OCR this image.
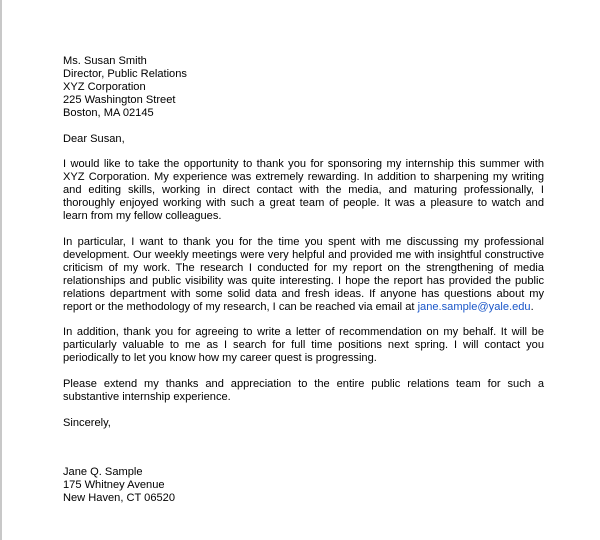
Ms. Susan Smith
Director, Public Relations
XYZ Corporation
225 Washington Street
Boston, MA 02145
Dear Susan,

I would like to take the opportunity to thank you for sponsoring my internship this summer with XYZ Corporation. My experience was extremely rewarding. In addition to sharpening my writing and editing skills, working in direct contact with the media, and maturing professionally, I thoroughly enjoyed working with such a great team of people. It was a pleasure to watch and learn from my fellow colleagues.

In particular, I want to thank you for the time you spent with me discussing my professional development. Our weekly meetings were very helpful and provided me with insightful constructive criticism of my work. The research I conducted for my report on the strengthening of media relationships and public visibility was quite interesting. I hope the report has provided the public relations department with some solid data and fresh ideas. If anyone has questions about my report or the methodology of my research, I can be reached via email at jane.sample@yale.edu.

In addition, thank you for agreeing to write a letter of recommendation on my behalf. It will be particularly valuable to me as I search for full time positions next spring. I will contact you periodically to let you know how my career quest is progressing.

Please extend my thanks and appreciation to the entire public relations team for such a substantive internship experience.

Sincerely,
Jane Q. Sample
175 Whitney Avenue
New Haven, CT 06520
